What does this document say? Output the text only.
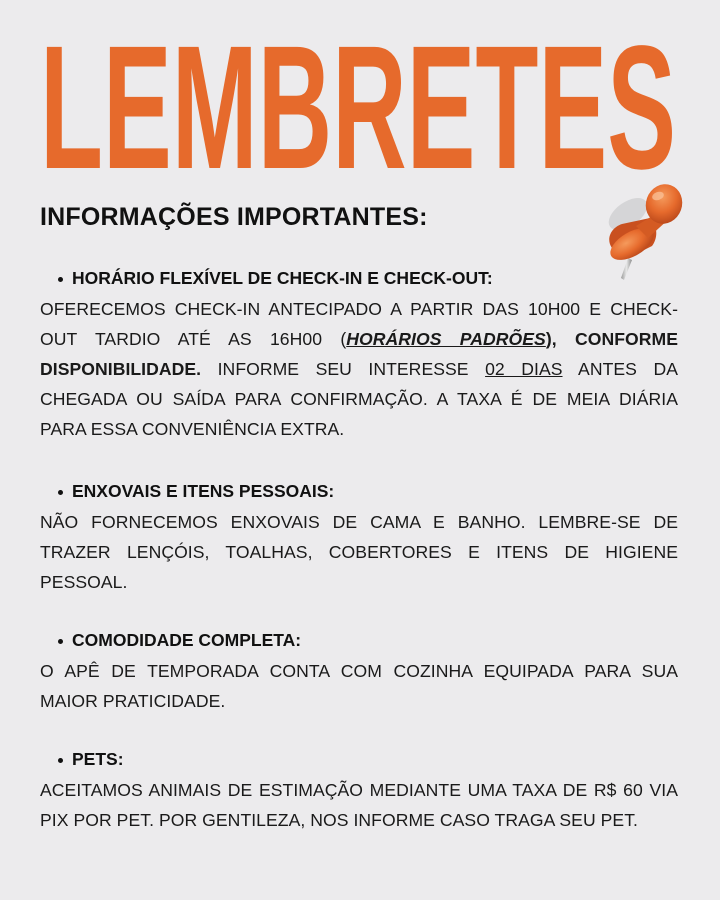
LEMBRETES
INFORMAÇÕES IMPORTANTES:
HORÁRIO FLEXÍVEL DE CHECK-IN E CHECK-OUT:

OFERECEMOS CHECK-IN ANTECIPADO A PARTIR DAS 10H00 E CHECK-OUT TARDIO ATÉ AS 16H00 (HORÁRIOS PADRÕES), CONFORME DISPONIBILIDADE. INFORME SEU INTERESSE 02 DIAS ANTES DA CHEGADA OU SAÍDA PARA CONFIRMAÇÃO. A TAXA É DE MEIA DIÁRIA PARA ESSA CONVENIÊNCIA EXTRA.

ENXOVAIS E ITENS PESSOAIS:

NÃO FORNECEMOS ENXOVAIS DE CAMA E BANHO. LEMBRE-SE DE TRAZER LENÇÓIS, TOALHAS, COBERTORES E ITENS DE HIGIENE PESSOAL.

COMODIDADE COMPLETA:

O APÊ DE TEMPORADA CONTA COM COZINHA EQUIPADA PARA SUA MAIOR PRATICIDADE.

PETS:

ACEITAMOS ANIMAIS DE ESTIMAÇÃO MEDIANTE UMA TAXA DE R$ 60 VIA PIX POR PET. POR GENTILEZA, NOS INFORME CASO TRAGA SEU PET.
